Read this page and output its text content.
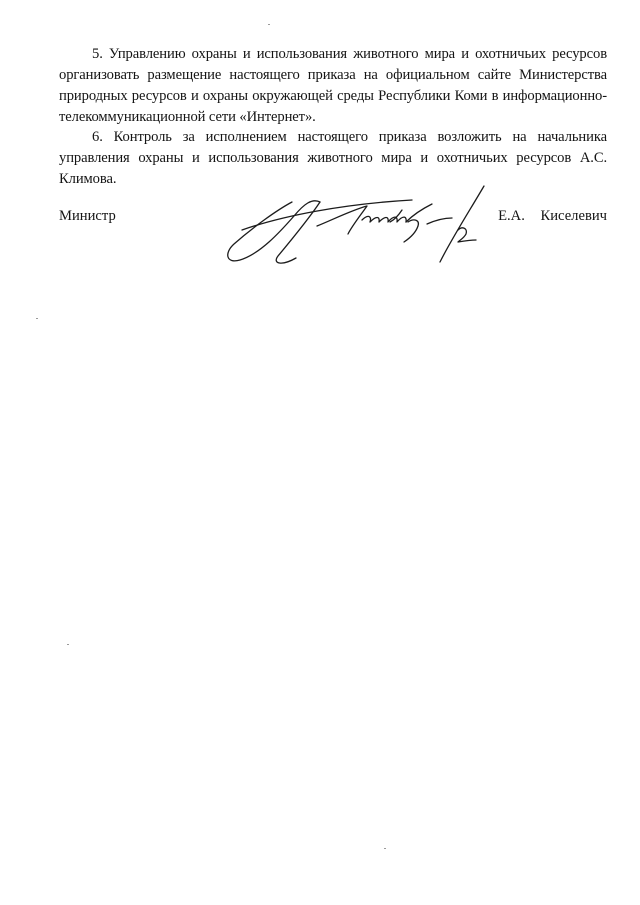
5. Управлению охраны и использования животного мира и охотничьих ресурсов организовать размещение настоящего приказа на официальном сайте Министерства природных ресурсов и охраны окружающей среды Республики Коми в информационно-телекоммуникационной сети «Интернет».

6. Контроль за исполнением настоящего приказа возложить на начальника управления охраны и использования животного мира и охотничьих ресурсов А.С. Климова.

Министр	Е.А. Киселевич
